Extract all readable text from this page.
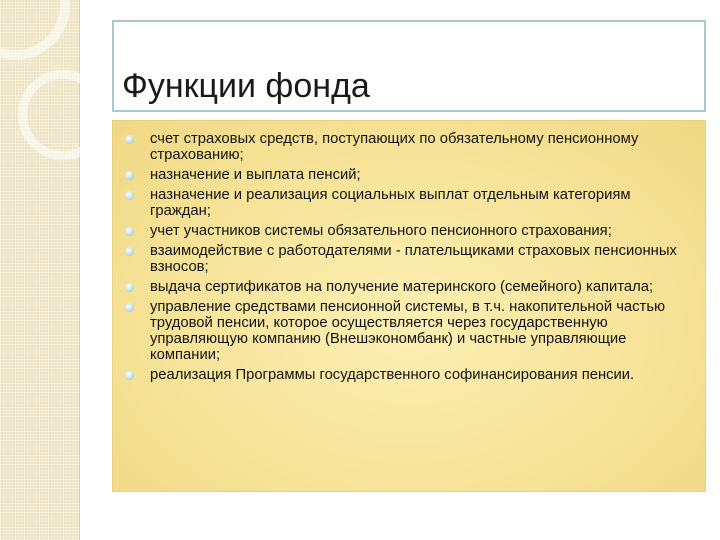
Функции фонда
счет страховых средств, поступающих по обязательному пенсионному страхованию;
назначение и выплата пенсий;
назначение и реализация социальных выплат отдельным категориям граждан;
учет участников системы обязательного пенсионного страхования;
взаимодействие с работодателями - плательщиками страховых пенсионных взносов;
выдача сертификатов на получение материнского (семейного) капитала;
управление средствами пенсионной системы, в т.ч. накопительной частью трудовой пенсии, которое осуществляется через государственную управляющую компанию (Внешэкономбанк) и частные управляющие компании;
реализация Программы государственного софинансирования пенсии.
